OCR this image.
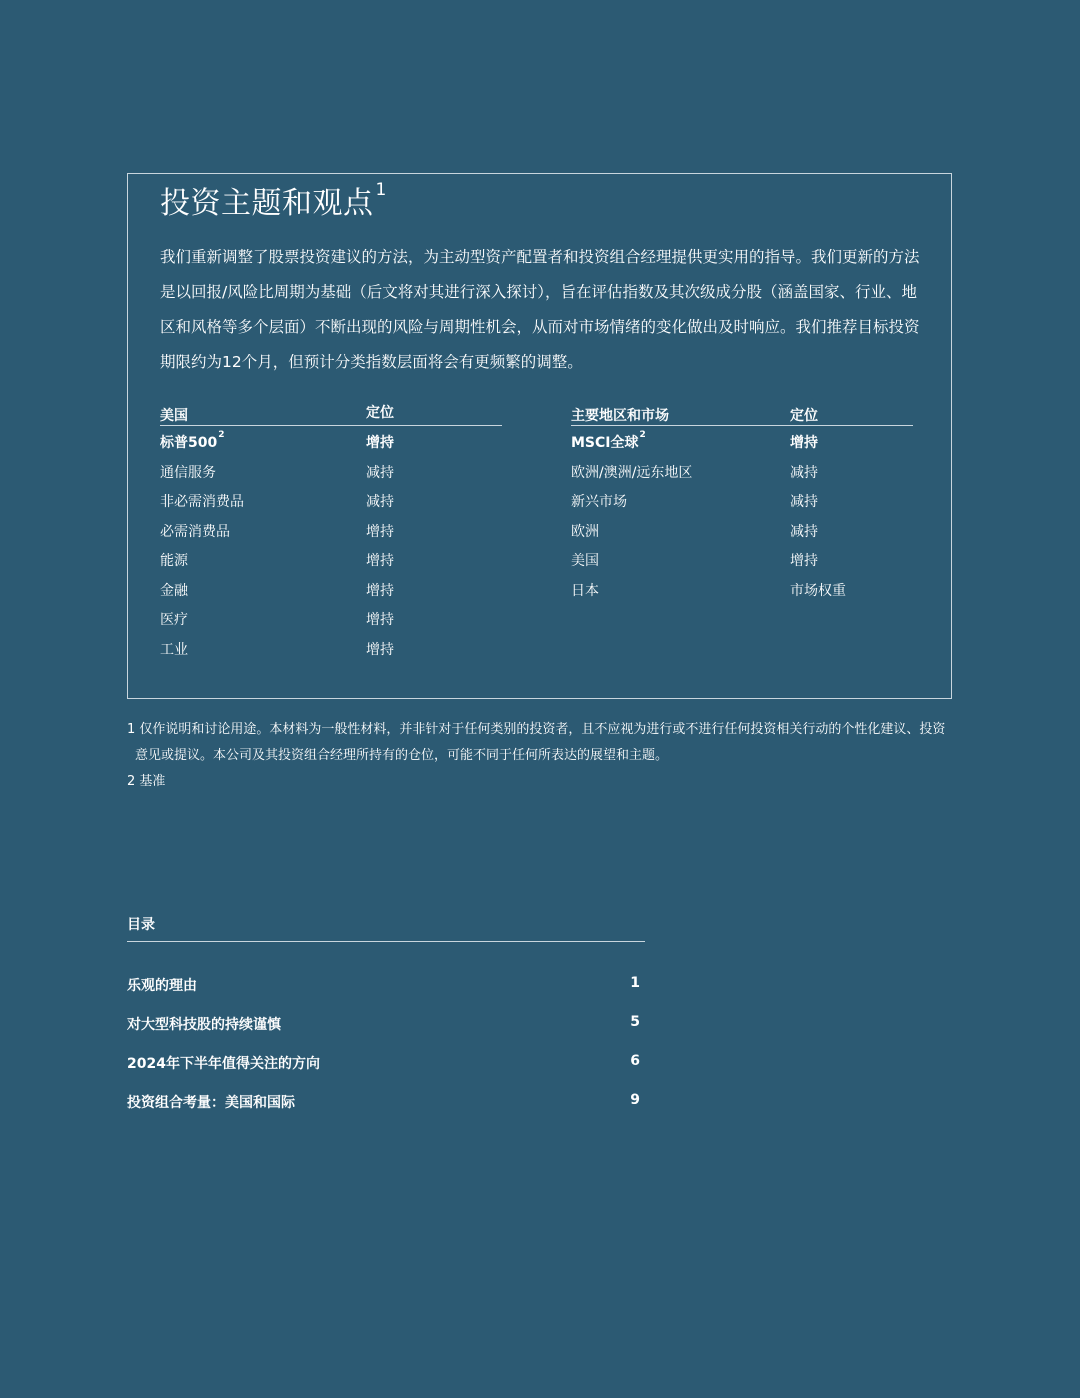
投资主题和观点 $^1$

我们重新调整了股票投资建议的方法，为主动型资产配置者和投资组合经理提供更实用的指导。我们更新的方法是以回报/风险比周期为基础（后文将对其进行深入探讨），旨在评估指数及其次级成分股（涵盖国家、行业、地区和风格等多个层面）不断出现的风险与周期性机会，从而对市场情绪的变化做出及时响应。我们推荐目标投资期限约为12个月，但预计分类指数层面将会有更频繁的调整。

美国	定位
标普$500^2$	增持
通信服务	减持
非必需消费品	减持
必需消费品	增持
能源	增持
金融	增持
医疗	增持
工业	增持
主要地区和市场	定位
MSCI全球$^2$	增持
欧洲/澳洲/远东地区	减持
新兴市场	减持
欧洲	减持
美国	增持
日本	市场权重

1 仅作说明和讨论用途。本材料为一般性材料，并非针对于任何类别的投资者，且不应视为进行或不进行任何投资相关行动的个性化建议、投资意见或提议。本公司及其投资组合经理所持有的仓位，可能不同于任何所表达的展望和主题。

2 基准

目录
乐观的理由	1
对大型科技股的持续谨慎	5
2024年下半年值得关注的方向	6
投资组合考量：美国和国际	9
